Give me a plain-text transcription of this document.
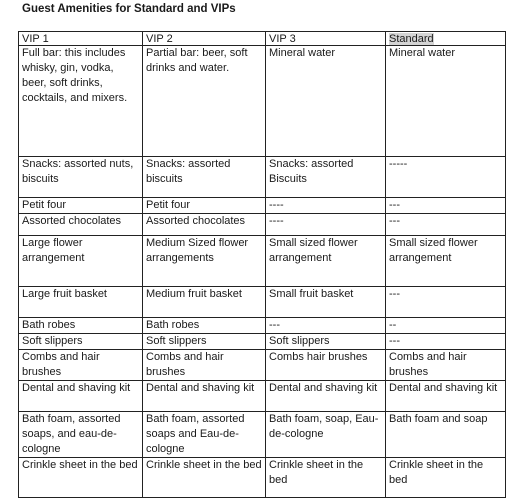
Guest Amenities for Standard and VIPs
VIP 1	VIP 2	VIP 3	Standard

Full bar: this includes whisky, gin, vodka, beer, soft drinks, cocktails, and mixers.	Partial bar: beer, soft drinks and water.	Mineral water	Mineral water

Snacks: assorted nuts, biscuits	Snacks: assorted biscuits	Snacks: assorted Biscuits	-----

Petit four	Petit four	----	---

Assorted chocolates	Assorted chocolates	----	---

Large flower arrangement	Medium Sized flower arrangements	Small sized flower arrangement	Small sized flower arrangement

Large fruit basket	Medium fruit basket	Small fruit basket	---

Bath robes	Bath robes	---	--

Soft slippers	Soft slippers	Soft slippers	---

Combs and hair brushes	Combs and hair brushes	Combs hair brushes	Combs and hair brushes

Dental and shaving kit	Dental and shaving kit	Dental and shaving kit	Dental and shaving kit

Bath foam, assorted soaps, and eau-de-cologne	Bath foam, assorted soaps and Eau-de-cologne	Bath foam, soap, Eau-de-cologne	Bath foam and soap

Crinkle sheet in the bed	Crinkle sheet in the bed	Crinkle sheet in the bed	Crinkle sheet in the bed
